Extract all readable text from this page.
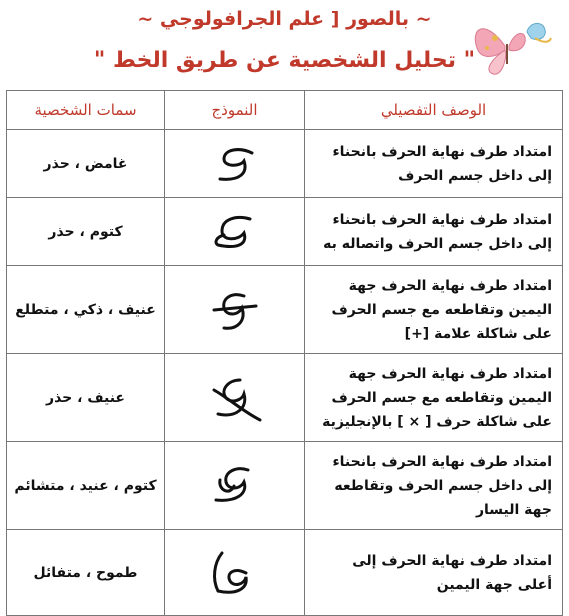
~ بالصور [ علم الجرافولوجي ~
" تحليل الشخصية عن طريق الخط "
الوصف التفصيلي	النموذج	سمات الشخصية
امتداد طرف نهاية الحرف بانحناء إلى داخل جسم الحرف		غامض ، حذر
امتداد طرف نهاية الحرف بانحناء إلى داخل جسم الحرف واتصاله به		كتوم ، حذر
امتداد طرف نهاية الحرف جهة اليمين وتقاطعه مع جسم الحرف على شاكلة علامة [+]		عنيف ، ذكي ، متطلع
امتداد طرف نهاية الحرف جهة اليمين وتقاطعه مع جسم الحرف على شاكلة حرف [ × ] بالإنجليزية		عنيف ، حذر
امتداد طرف نهاية الحرف بانحناء إلى داخل جسم الحرف وتقاطعه جهة اليسار		كتوم ، عنيد ، متشائم
امتداد طرف نهاية الحرف إلى أعلى جهة اليمين		طموح ، متفائل
